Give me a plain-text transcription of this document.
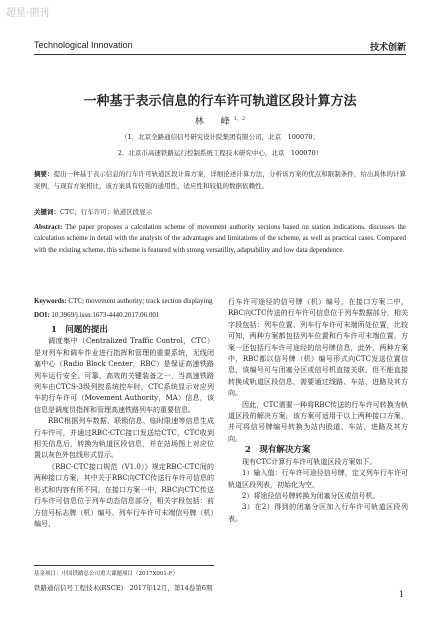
超星·期刊
Technological Innovation	技术创新
一种基于表示信息的行车许可轨道区段计算方法
林　峰$^{1,2}$
（1．北京全路通信信号研究设计院集团有限公司，北京　100070；
2．北京市高速铁路运行控制系统工程技术研究中心，北京　100070）
摘要：提出一种基于表示信息的行车许可轨道区段计算方案，详细论述计算方法，分析该方案的优点和限制条件，给出具体的计算案例，与现有方案相比，该方案具有较强的通用性、适应性和较低的数据依赖性。
关键词：CTC；行车许可；轨道区段显示
Abstract: The paper proposes a calculation scheme of movement authority sections based on station indications, discusses the calculation scheme in detail with the analysis of the advantages and limitations of the scheme, as well as practical cases. Compared with the existing scheme, this scheme is featured with strong versatility, adaptability and low data dependence.
Keywords: CTC; movement authority; track section displaying
DOI: 10.3969/j.issn.1673-4440.2017.06.001

1　问题的提出

调度集中（Centralized Traffic Control，CTC）是对列车和调车作业进行指挥和管理的重要系统，无线闭塞中心（Radio Block Center，RBC）是保证高速铁路列车运行安全、可靠、高效的关键装备之一，当高速铁路列车由CTCS-3级列控系统控车时，CTC系统显示对应列车的行车许可（Movement Authority，MA）信息，该信息是调度员指挥和管理高速铁路列车的重要信息。

RBC根据列车数据、联锁信息、临时限速等信息生成行车许可，并通过RBC-CTC接口发送给CTC，CTC收到相关信息后，转换为轨道区段信息，并在站场图上对应位置以灰色外包线形式显示。

《RBC-CTC接口规范（V1.0）》规定RBC-CTC间的两种接口方案，其中关于RBC向CTC传送行车许可信息的形式和内容有所不同，在接口方案一中，RBC向CTC传送行车许可信息位于列车动态信息部分，相关字段包括：前方信号标志牌（机）编号、列车行车许可末端信号牌（机）编号、

行车许可途径的信号牌（机）编号，在接口方案二中，RBC向CTC传送的行车许可信息位于列车数据部分，相关字段包括：列车位置、列车行车许可末端所处位置，比较可知，两种方案都包括列车位置和行车许可末端位置，方案一还包括行车许可途经的信号牌信息，此外，两种方案中，RBC都以信号牌（机）编号形式向CTC发送位置信息，该编号可与闭塞分区或信号机直接关联，但不能直接转换成轨道区段信息，需要通过线路、车站、进路及其方向。

因此，CTC需要一种将RBC传送的行车许可转换为轨道区段的解决方案，该方案可适用于以上两种接口方案，并可将信号牌编号转换为站内股道、车站、进路及其方向。

2　现有解决方案

现有CTC计算行车许可轨道区段方案如下。

1）输入值：行车许可途径信号牌，定义列车行车许可轨道区段列表，初始化为空。

2）将途径信号牌转换为闭塞分区或信号机。

3）在2）得到的闭塞分区加入行车许可轨道区段列表。

基金项目：中国铁路总公司重大课题项目（2017X001-F）
铁路通信信号工程技术(RSCE)　2017年12月，第14卷第6期
1
